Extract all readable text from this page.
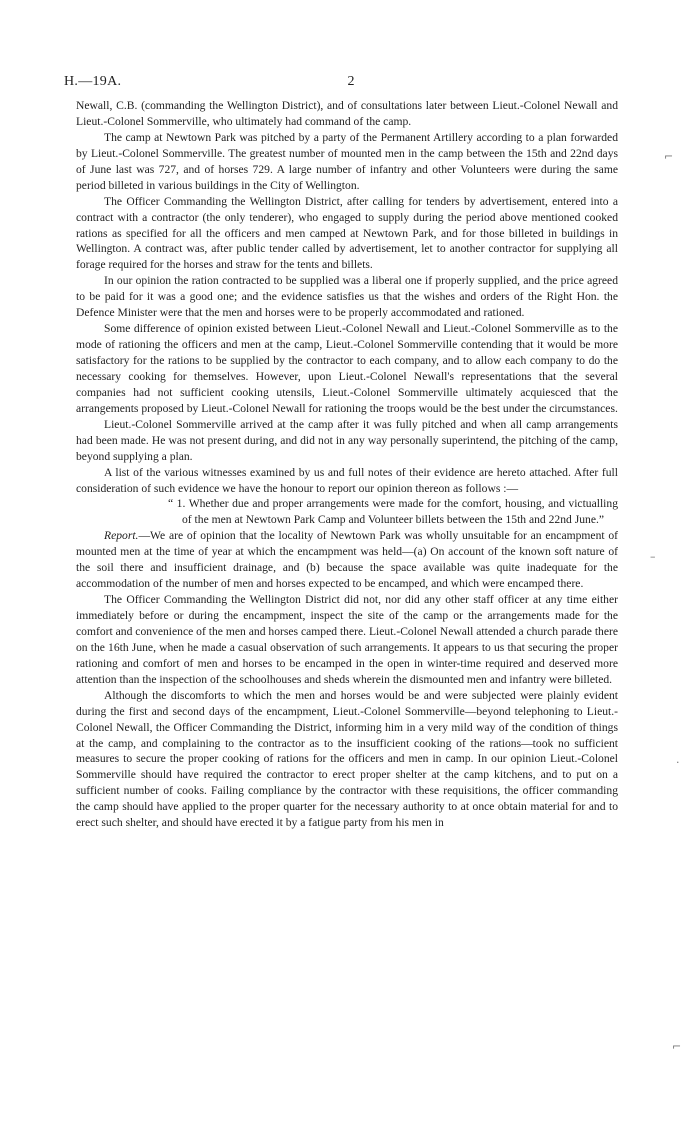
H.—19A.	2

Newall, C.B. (commanding the Wellington District), and of consultations later between Lieut.-Colonel Newall and Lieut.-Colonel Sommerville, who ultimately had command of the camp.

The camp at Newtown Park was pitched by a party of the Permanent Artillery according to a plan forwarded by Lieut.-Colonel Sommerville. The greatest number of mounted men in the camp between the 15th and 22nd days of June last was 727, and of horses 729. A large number of infantry and other Volunteers were during the same period billeted in various buildings in the City of Wellington.

The Officer Commanding the Wellington District, after calling for tenders by advertisement, entered into a contract with a contractor (the only tenderer), who engaged to supply during the period above mentioned cooked rations as specified for all the officers and men camped at Newtown Park, and for those billeted in buildings in Wellington. A contract was, after public tender called by advertisement, let to another contractor for supplying all forage required for the horses and straw for the tents and billets.

In our opinion the ration contracted to be supplied was a liberal one if properly supplied, and the price agreed to be paid for it was a good one; and the evidence satisfies us that the wishes and orders of the Right Hon. the Defence Minister were that the men and horses were to be properly accommodated and rationed.

Some difference of opinion existed between Lieut.-Colonel Newall and Lieut.-Colonel Sommerville as to the mode of rationing the officers and men at the camp, Lieut.-Colonel Sommerville contending that it would be more satisfactory for the rations to be supplied by the contractor to each company, and to allow each company to do the necessary cooking for themselves. However, upon Lieut.-Colonel Newall's representations that the several companies had not sufficient cooking utensils, Lieut.-Colonel Sommerville ultimately acquiesced that the arrangements proposed by Lieut.-Colonel Newall for rationing the troops would be the best under the circumstances.

Lieut.-Colonel Sommerville arrived at the camp after it was fully pitched and when all camp arrangements had been made. He was not present during, and did not in any way personally superintend, the pitching of the camp, beyond supplying a plan.

A list of the various witnesses examined by us and full notes of their evidence are hereto attached. After full consideration of such evidence we have the honour to report our opinion thereon as follows :—

“ 1. Whether due and proper arrangements were made for the comfort, housing, and victualling of the men at Newtown Park Camp and Volunteer billets between the 15th and 22nd June.”

Report.—We are of opinion that the locality of Newtown Park was wholly unsuitable for an encampment of mounted men at the time of year at which the encampment was held—(a) On account of the known soft nature of the soil there and insufficient drainage, and (b) because the space available was quite inadequate for the accommodation of the number of men and horses expected to be encamped, and which were encamped there.

The Officer Commanding the Wellington District did not, nor did any other staff officer at any time either immediately before or during the encampment, inspect the site of the camp or the arrangements made for the comfort and convenience of the men and horses camped there. Lieut.-Colonel Newall attended a church parade there on the 16th June, when he made a casual observation of such arrangements. It appears to us that securing the proper rationing and comfort of men and horses to be encamped in the open in winter-time required and deserved more attention than the inspection of the schoolhouses and sheds wherein the dismounted men and infantry were billeted.

Although the discomforts to which the men and horses would be and were subjected were plainly evident during the first and second days of the encampment, Lieut.-Colonel Sommerville—beyond telephoning to Lieut.-Colonel Newall, the Officer Commanding the District, informing him in a very mild way of the condition of things at the camp, and complaining to the contractor as to the insufficient cooking of the rations—took no sufficient measures to secure the proper cooking of rations for the officers and men in camp. In our opinion Lieut.-Colonel Sommerville should have required the contractor to erect proper shelter at the camp kitchens, and to put on a sufficient number of cooks. Failing compliance by the contractor with these requisitions, the officer commanding the camp should have applied to the proper quarter for the necessary authority to at once obtain material for and to erect such shelter, and should have erected it by a fatigue party from his men in

⌐
–
·
⌐
